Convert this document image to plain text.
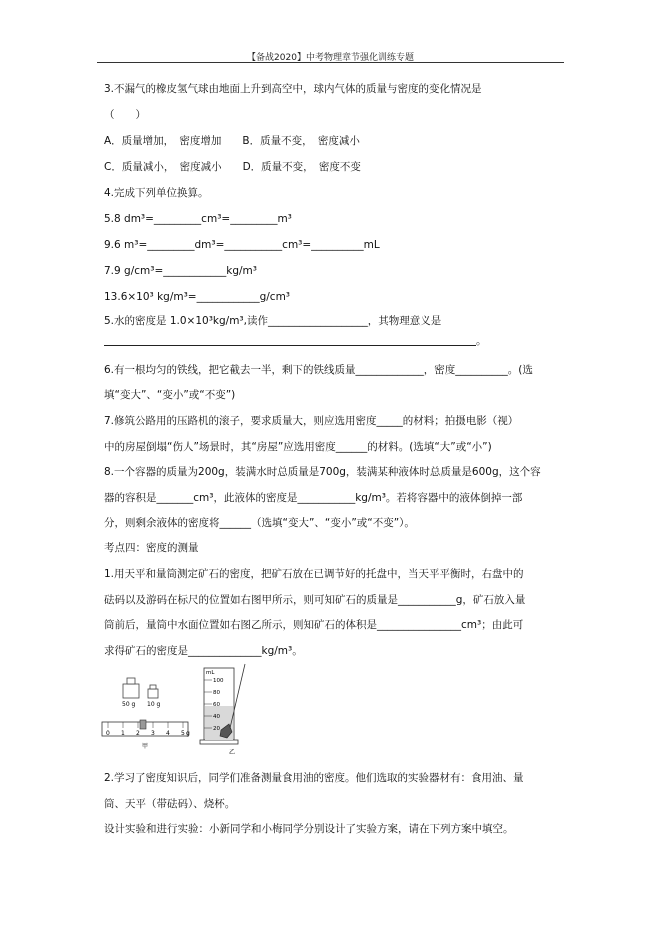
【备战2020】中考物理章节强化训练专题
3.不漏气的橡皮氢气球由地面上升到高空中，球内气体的质量与密度的变化情况是
（　　）
A．质量增加，　密度增加　　B．质量不变，　密度减小
C．质量减小，　密度减小　　D．质量不变，　密度不变
4.完成下列单位换算。
5.8 dm³=_________cm³=_________m³
9.6 m³=_________dm³=___________cm³=__________mL
7.9 g/cm³=____________kg/m³
13.6×10³ kg/m³=____________g/cm³
5.水的密度是 1.0×10³kg/m³,读作___________________，其物理意义是
。
6.有一根均匀的铁线，把它截去一半，剩下的铁线质量_____________，密度__________。(选
填“变大”、“变小”或“不变”)
7.修筑公路用的压路机的滚子，要求质量大，则应选用密度_____的材料；拍摄电影（视）
中的房屋倒塌“伤人”场景时，其“房屋”应选用密度______的材料。(选填“大”或“小”)
8.一个容器的质量为200g，装满水时总质量是700g，装满某种液体时总质量是600g，这个容
器的容积是_______cm³，此液体的密度是___________kg/m³。若将容器中的液体倒掉一部
分，则剩余液体的密度将______（选填“变大”、“变小”或“不变”）。
考点四：密度的测量
1.用天平和量筒测定矿石的密度，把矿石放在已调节好的托盘中，当天平平衡时，右盘中的
砝码以及游码在标尺的位置如右图甲所示，则可知矿石的质量是___________g，矿石放入量
筒前后，量筒中水面位置如右图乙所示，则知矿石的体积是________________cm³；由此可
求得矿石的密度是______________kg/m³。
50 g 10 g
0 1 2 3 4 5 g
甲
mL
100
80
60
40
20
乙
2.学习了密度知识后，同学们准备测量食用油的密度。他们选取的实验器材有：食用油、量
筒、天平（带砝码）、烧杯。
设计实验和进行实验：小新同学和小梅同学分别设计了实验方案，请在下列方案中填空。
